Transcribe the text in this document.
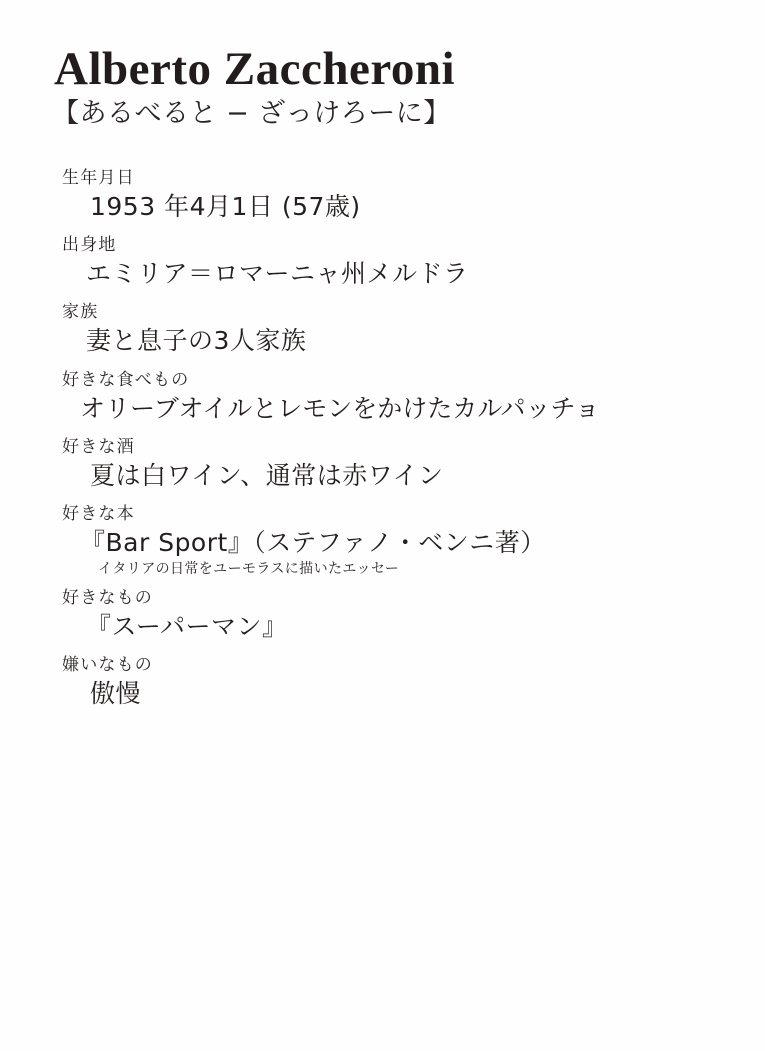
Alberto Zaccheroni
【あるべると − ざっけろーに】
生年月日
1953 年4月1日 (57歳)
出身地
エミリア＝ロマーニャ州メルドラ
家族
妻と息子の3人家族
好きな食べもの
オリーブオイルとレモンをかけたカルパッチョ
好きな酒
夏は白ワイン、通常は赤ワイン
好きな本
『Bar Sport』（ステファノ・ベンニ著）
イタリアの日常をユーモラスに描いたエッセー
好きなもの
『スーパーマン』
嫌いなもの
傲慢
